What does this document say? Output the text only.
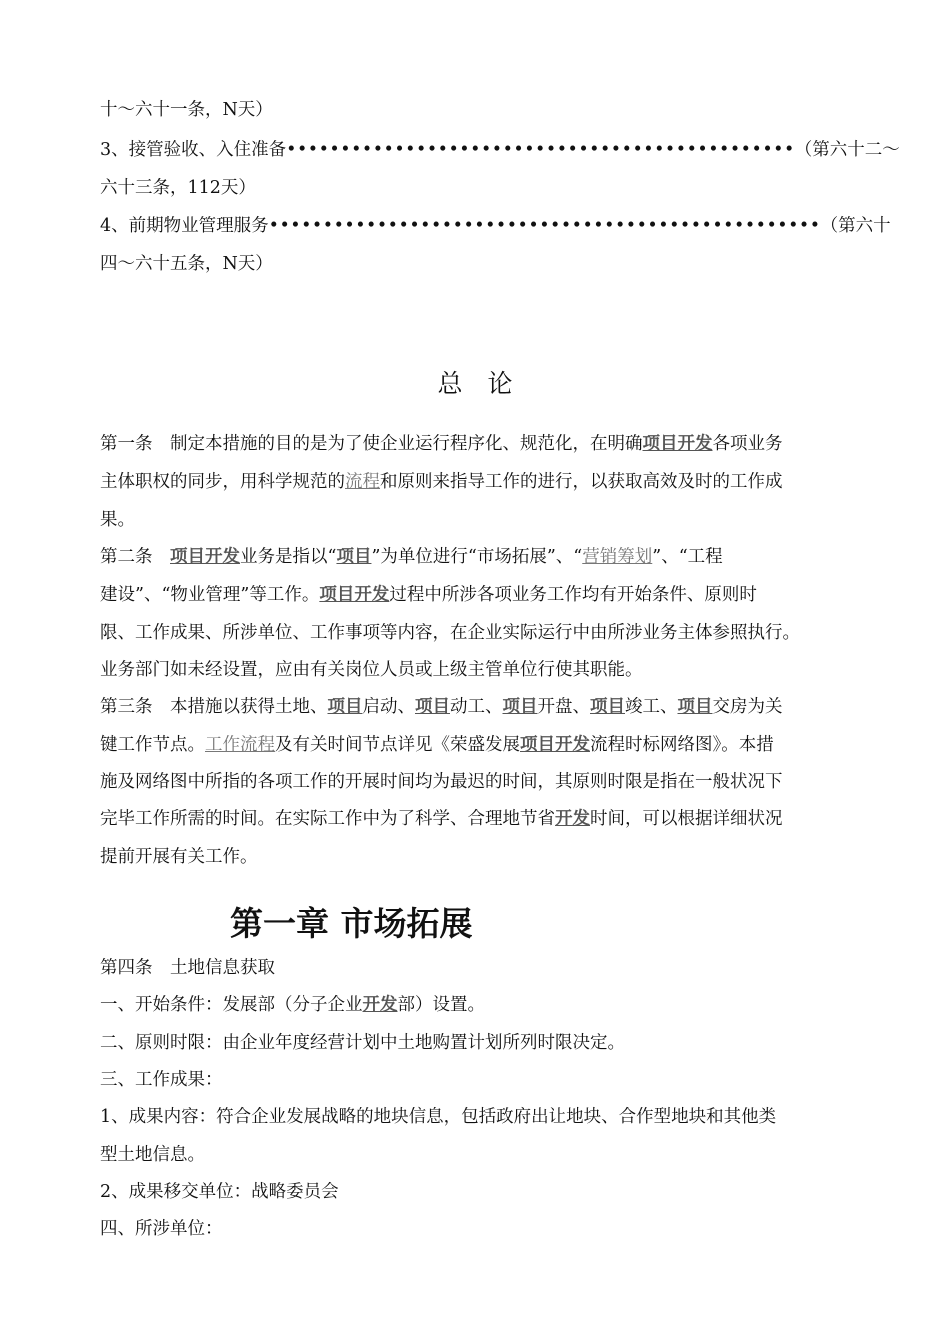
十～六十一条，N天）
3、接管验收、入住准备•••••••••••••••••••••••••••••••••••••••••••••••（第六十二～
六十三条，112天）
4、前期物业管理服务•••••••••••••••••••••••••••••••••••••••••••••••••••（第六十
四～六十五条，N天）
总　论
第一条　制定本措施的目的是为了使企业运行程序化、规范化，在明确项目开发各项业务
主体职权的同步，用科学规范的流程和原则来指导工作的进行，以获取高效及时的工作成
果。
第二条　项目开发业务是指以“项目”为单位进行“市场拓展”、“营销筹划”、“工程
建设”、“物业管理”等工作。项目开发过程中所涉各项业务工作均有开始条件、原则时
限、工作成果、所涉单位、工作事项等内容，在企业实际运行中由所涉业务主体参照执行。
业务部门如未经设置，应由有关岗位人员或上级主管单位行使其职能。
第三条　本措施以获得土地、项目启动、项目动工、项目开盘、项目竣工、项目交房为关
键工作节点。工作流程及有关时间节点详见《荣盛发展项目开发流程时标网络图》。本措
施及网络图中所指的各项工作的开展时间均为最迟的时间，其原则时限是指在一般状况下
完毕工作所需的时间。在实际工作中为了科学、合理地节省开发时间，可以根据详细状况
提前开展有关工作。
第一章 市场拓展
第四条　土地信息获取
一、开始条件：发展部（分子企业开发部）设置。
二、原则时限：由企业年度经营计划中土地购置计划所列时限决定。
三、工作成果：
1、成果内容：符合企业发展战略的地块信息，包括政府出让地块、合作型地块和其他类
型土地信息。
2、成果移交单位：战略委员会
四、所涉单位：
